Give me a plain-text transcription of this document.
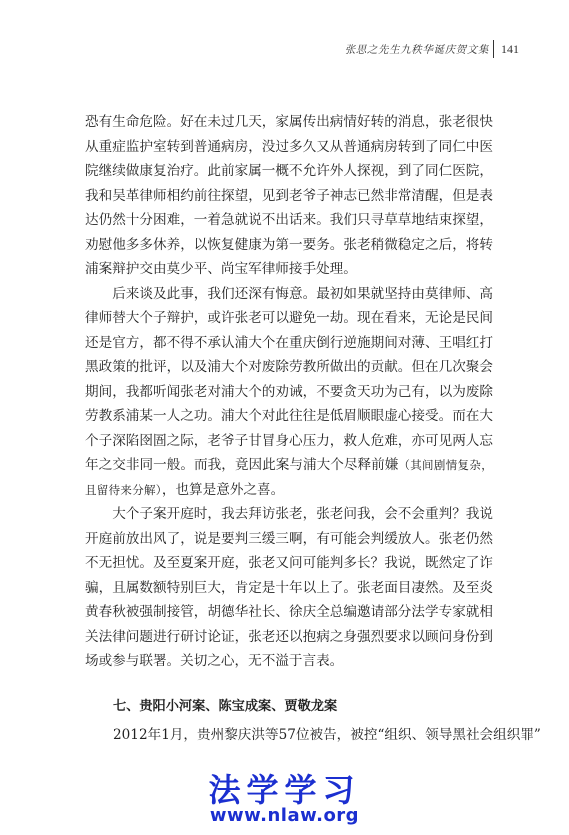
张思之先生九秩华诞庆贺文集 141

恐有生命危险。好在未过几天，家属传出病情好转的消息，张老很快从重症监护室转到普通病房，没过多久又从普通病房转到了同仁中医院继续做康复治疗。此前家属一概不允许外人探视，到了同仁医院，我和吴革律师相约前往探望，见到老爷子神志已然非常清醒，但是表达仍然十分困难，一着急就说不出话来。我们只寻草草地结束探望，劝慰他多多休养，以恢复健康为第一要务。张老稍微稳定之后，将转浦案辩护交由莫少平、尚宝军律师接手处理。

后来谈及此事，我们还深有悔意。最初如果就坚持由莫律师、高律师替大个子辩护，或许张老可以避免一劫。现在看来，无论是民间还是官方，都不得不承认浦大个在重庆倒行逆施期间对薄、王唱红打黑政策的批评，以及浦大个对废除劳教所做出的贡献。但在几次聚会期间，我都听闻张老对浦大个的劝诫，不要贪天功为己有，以为废除劳教系浦某一人之功。浦大个对此往往是低眉顺眼虚心接受。而在大个子深陷囹圄之际，老爷子甘冒身心压力，救人危难，亦可见两人忘年之交非同一般。而我，竟因此案与浦大个尽释前嫌（其间剧情复杂，且留待来分解），也算是意外之喜。

大个子案开庭时，我去拜访张老，张老问我，会不会重判？我说开庭前放出风了，说是要判三缓三啊，有可能会判缓放人。张老仍然不无担忧。及至夏案开庭，张老又问可能判多长？我说，既然定了诈骗，且属数额特别巨大，肯定是十年以上了。张老面目凄然。及至炎黄春秋被强制接管，胡德华社长、徐庆全总编邀请部分法学专家就相关法律问题进行研讨论证，张老还以抱病之身强烈要求以顾问身份到场或参与联署。关切之心，无不溢于言表。

七、贵阳小河案、陈宝成案、贾敬龙案
2012年1月，贵州黎庆洪等57位被告，被控“组织、领导黑社会组织罪”
法学学习
www.nlaw.org
